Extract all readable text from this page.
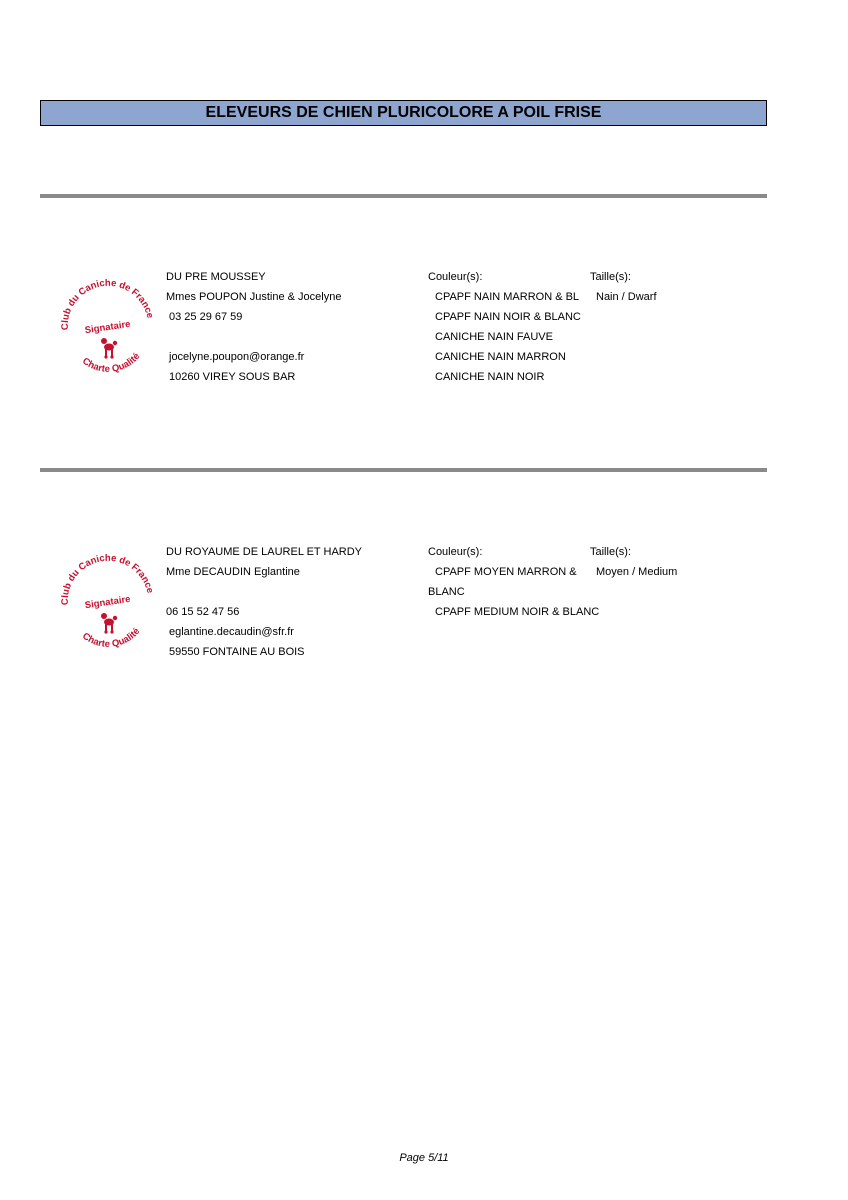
ELEVEURS DE CHIEN PLURICOLORE A POIL FRISE
Club du Caniche de France
Signataire
Charte Qualité
DU PRE MOUSSEY
Mmes POUPON Justine & Jocelyne
03 25 29 67 59
jocelyne.poupon@orange.fr
10260 VIREY SOUS BAR
Couleur(s):	Taille(s):
CPAPF NAIN MARRON & BL
CPAPF NAIN NOIR & BLANC
CANICHE NAIN FAUVE
CANICHE NAIN MARRON
CANICHE NAIN NOIR
Nain / Dwarf
Club du Caniche de France
Signataire
Charte Qualité
DU ROYAUME DE LAUREL ET HARDY
Mme DECAUDIN Eglantine
06 15 52 47 56
eglantine.decaudin@sfr.fr
59550 FONTAINE AU BOIS
Couleur(s):	Taille(s):
CPAPF MOYEN MARRON &
BLANC
CPAPF MEDIUM NOIR & BLANC
Moyen / Medium
Page 5/11
